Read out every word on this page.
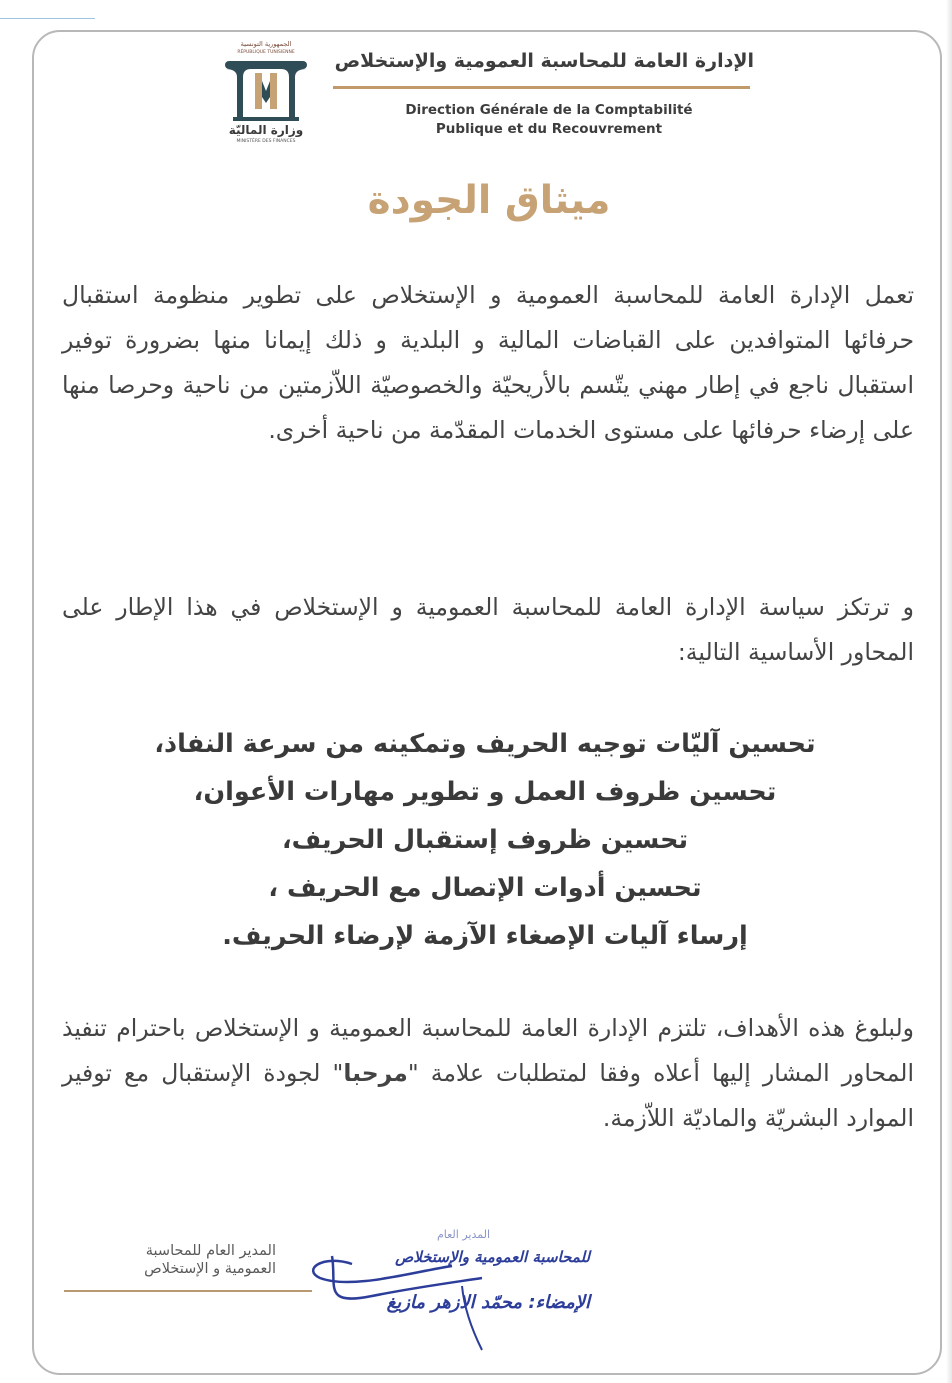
الجمهورية التونسية
RÉPUBLIQUE TUNISIENNE
وزارة الماليّة
MINISTÈRE DES FINANCES
الإدارة العامة للمحاسبة العمومية والإستخلاص
Direction Générale de la Comptabilité
Publique et du Recouvrement
ميثاق الجودة
تعمل الإدارة العامة للمحاسبة العمومية و الإستخلاص على تطوير منظومة استقبال حرفائها المتوافدين على القباضات المالية و البلدية و ذلك إيمانا منها بضرورة توفير استقبال ناجع في إطار مهني يتّسم بالأريحيّة والخصوصيّة اللاّزمتين من ناحية وحرصا منها على إرضاء حرفائها على مستوى الخدمات المقدّمة من ناحية أخرى.
و ترتكز سياسة الإدارة العامة للمحاسبة العمومية و الإستخلاص في هذا الإطار على المحاور الأساسية التالية:
تحسين آليّات توجيه الحريف وتمكينه من سرعة النفاذ،
تحسين ظروف العمل و تطوير مهارات الأعوان،
تحسين ظروف إستقبال الحريف،
تحسين أدوات الإتصال مع الحريف ،
إرساء آليات الإصغاء الآزمة لإرضاء الحريف.
ولبلوغ هذه الأهداف، تلتزم الإدارة العامة للمحاسبة العمومية و الإستخلاص باحترام تنفيذ المحاور المشار إليها أعلاه وفقا لمتطلبات علامة "مرحبا" لجودة الإستقبال مع توفير الموارد البشريّة والماديّة اللاّزمة.
المدير العام للمحاسبة
العمومية و الإستخلاص
المدير العام
للمحاسبة العمومية والإستخلاص
الإمضاء: محمّد الازهر مازيغ
